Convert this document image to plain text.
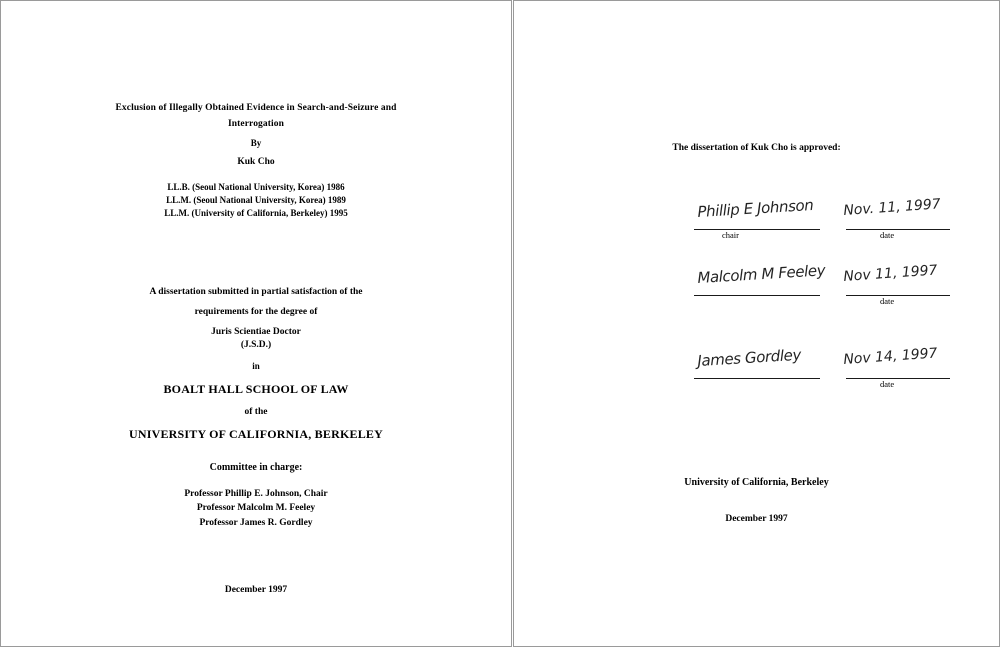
Exclusion of Illegally Obtained Evidence in Search-and-Seizure and
Interrogation
By
Kuk Cho
LL.B. (Seoul National University, Korea) 1986
LL.M. (Seoul National University, Korea) 1989
LL.M. (University of California, Berkeley) 1995
A dissertation submitted in partial satisfaction of the
requirements for the degree of
Juris Scientiae Doctor
(J.S.D.)
in
BOALT HALL SCHOOL OF LAW
of the
UNIVERSITY OF CALIFORNIA, BERKELEY
Committee in charge:
Professor Phillip E. Johnson, Chair
Professor Malcolm M. Feeley
Professor James R. Gordley
December 1997
The dissertation of Kuk Cho is approved:
Phillip E Johnson
chair
Nov. 11, 1997
date
Malcolm M Feeley Nov 11, 1997
date
James Gordley	Nov 14, 1997
date
University of California, Berkeley
December 1997
